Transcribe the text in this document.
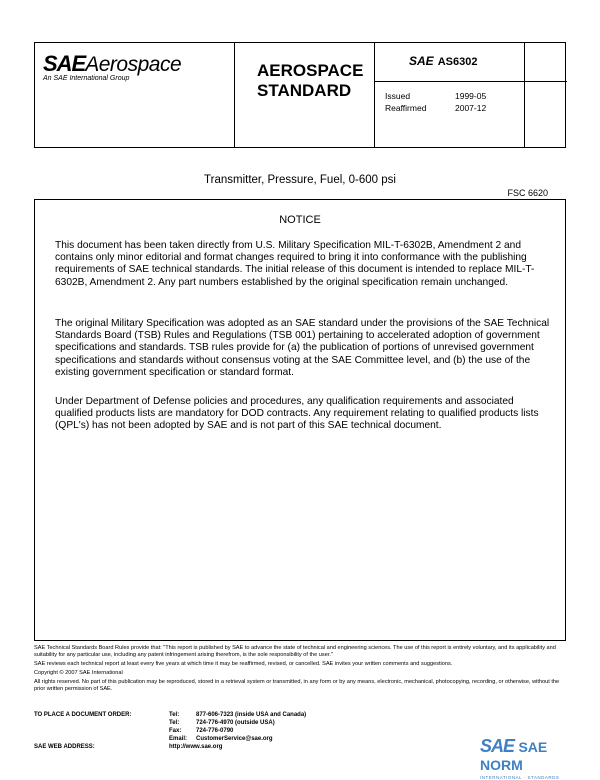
SAEAerospace
An SAE International Group	AEROSPACE
STANDARD
SAE AS6302
Issued	1999-05
Reaffirmed	2007-12
Transmitter, Pressure, Fuel, 0-600 psi
FSC 6620
NOTICE
This document has been taken directly from U.S. Military Specification MIL-T-6302B, Amendment 2 and contains only minor editorial and format changes required to bring it into conformance with the publishing requirements of SAE technical standards. The initial release of this document is intended to replace MIL-T-6302B, Amendment 2. Any part numbers established by the original specification remain unchanged.
The original Military Specification was adopted as an SAE standard under the provisions of the SAE Technical Standards Board (TSB) Rules and Regulations (TSB 001) pertaining to accelerated adoption of government specifications and standards. TSB rules provide for (a) the publication of portions of unrevised government specifications and standards without consensus voting at the SAE Committee level, and (b) the use of the existing government specification or standard format.
Under Department of Defense policies and procedures, any qualification requirements and associated qualified products lists are mandatory for DOD contracts. Any requirement relating to qualified products lists (QPL's) has not been adopted by SAE and is not part of this SAE technical document.

SAE Technical Standards Board Rules provide that: "This report is published by SAE to advance the state of technical and engineering sciences. The use of this report is entirely voluntary, and its applicability and suitability for any particular use, including any patent infringement arising therefrom, is the sole responsibility of the user."

SAE reviews each technical report at least every five years at which time it may be reaffirmed, revised, or cancelled. SAE invites your written comments and suggestions.

Copyright © 2007 SAE International

All rights reserved. No part of this publication may be reproduced, stored in a retrieval system or transmitted, in any form or by any means, electronic, mechanical, photocopying, recording, or otherwise, without the prior written permission of SAE.

TO PLACE A DOCUMENT ORDER:	Tel:	877-606-7323 (inside USA and Canada)
Tel:	724-776-4970 (outside USA)
Fax: 724-776-0790
Email: CustomerService@sae.org
SAE WEB ADDRESS:	http://www.sae.org	SAE SAE NORM
INTERNATIONAL · STANDARDS
